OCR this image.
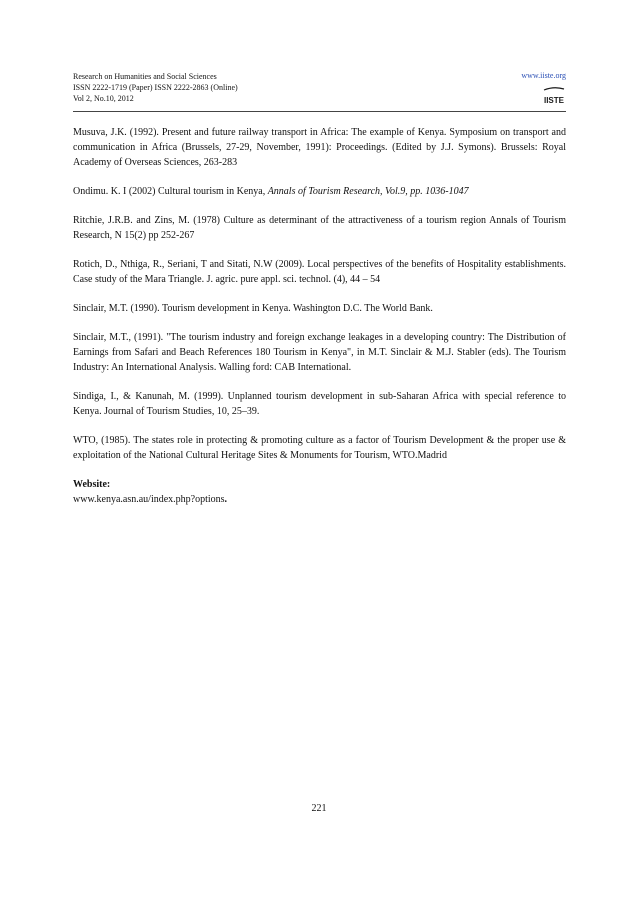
Research on Humanities and Social Sciences
ISSN 2222-1719 (Paper) ISSN 2222-2863 (Online)
Vol 2, No.10, 2012
www.iiste.org
IISTE

Musuva, J.K. (1992). Present and future railway transport in Africa: The example of Kenya. Symposium on transport and communication in Africa (Brussels, 27-29, November, 1991): Proceedings. (Edited by J.J. Symons). Brussels: Royal Academy of Overseas Sciences, 263-283

Ondimu. K. I (2002) Cultural tourism in Kenya, Annals of Tourism Research, Vol.9, pp. 1036-1047

Ritchie, J.R.B. and Zins, M. (1978) Culture as determinant of the attractiveness of a tourism region Annals of Tourism Research, N 15(2) pp 252-267

Rotich, D., Nthiga, R., Seriani, T and Sitati, N.W (2009). Local perspectives of the benefits of Hospitality establishments. Case study of the Mara Triangle. J. agric. pure appl. sci. technol. (4), 44 – 54

Sinclair, M.T. (1990). Tourism development in Kenya. Washington D.C. The World Bank.

Sinclair, M.T., (1991). "The tourism industry and foreign exchange leakages in a developing country: The Distribution of Earnings from Safari and Beach References 180 Tourism in Kenya", in M.T. Sinclair & M.J. Stabler (eds). The Tourism Industry: An International Analysis. Walling ford: CAB International.

Sindiga, I., & Kanunah, M. (1999). Unplanned tourism development in sub-Saharan Africa with special reference to Kenya. Journal of Tourism Studies, 10, 25–39.

WTO, (1985). The states role in protecting & promoting culture as a factor of Tourism Development & the proper use & exploitation of the National Cultural Heritage Sites & Monuments for Tourism, WTO.Madrid

Website:

www.kenya.asn.au/index.php?options.

221
